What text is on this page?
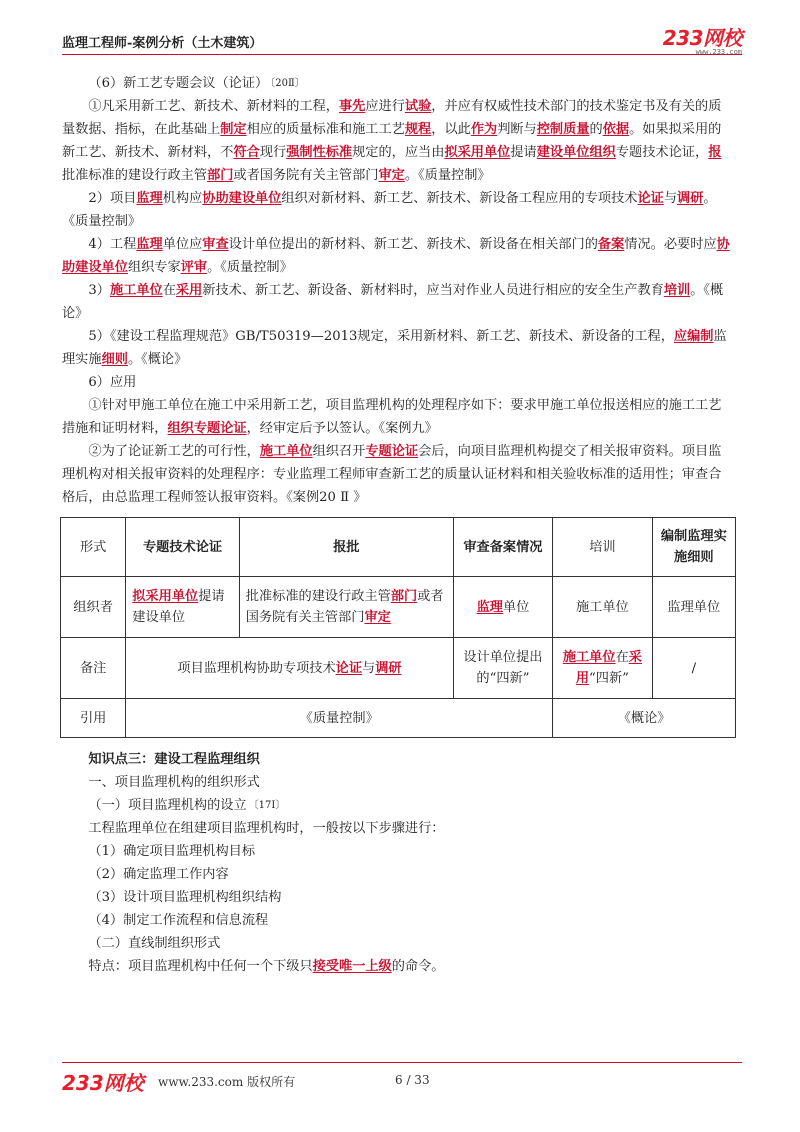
监理工程师-案例分析（土木建筑）	233网校
www.233.com

（6）新工艺专题会议（论证） $^{〔20Ⅱ〕}$

①凡采用新工艺、新技术、新材料的工程，事先应进行试验，并应有权威性技术部门的技术鉴定书及有关的质量数据、指标，在此基础上制定相应的质量标准和施工工艺规程，以此作为判断与控制质量的依据。如果拟采用的新工艺、新技术、新材料，不符合现行强制性标准规定的，应当由拟采用单位提请建设单位组织专题技术论证，报批准标准的建设行政主管部门或者国务院有关主管部门审定。《质量控制》

2）项目监理机构应协助建设单位组织对新材料、新工艺、新技术、新设备工程应用的专项技术论证与调研。《质量控制》

4）工程监理单位应审查设计单位提出的新材料、新工艺、新技术、新设备在相关部门的备案情况。必要时应协助建设单位组织专家评审。《质量控制》

3）施工单位在采用新技术、新工艺、新设备、新材料时，应当对作业人员进行相应的安全生产教育培训。《概论》

5）《建设工程监理规范》GB/T50319—2013规定，采用新材料、新工艺、新技术、新设备的工程，应编制监理实施细则。《概论》

6）应用

①针对甲施工单位在施工中采用新工艺，项目监理机构的处理程序如下：要求甲施工单位报送相应的施工工艺措施和证明材料，组织专题论证，经审定后予以签认。《案例九》

②为了论证新工艺的可行性，施工单位组织召开专题论证会后，向项目监理机构提交了相关报审资料。项目监理机构对相关报审资料的处理程序：专业监理工程师审查新工艺的质量认证材料和相关验收标准的适用性；审查合格后，由总监理工程师签认报审资料。《案例20 Ⅱ 》

形式	专题技术论证	报批	审查备案情况	培训	编制监理实施细则
组织者	拟采用单位提请建设单位	批准标准的建设行政主管部门或者国务院有关主管部门审定	监理单位	施工单位	监理单位
备注	项目监理机构协助专项技术论证与调研		设计单位提出的“四新”	施工单位在采用“四新”	/
引用	《质量控制》			《概论》	

知识点三：建设工程监理组织

一、项目监理机构的组织形式

（一）项目监理机构的设立 $^{〔17Ⅰ〕}$

工程监理单位在组建项目监理机构时，一般按以下步骤进行：

（1）确定项目监理机构目标

（2）确定监理工作内容

（3）设计项目监理机构组织结构

（4）制定工作流程和信息流程

（二）直线制组织形式

特点：项目监理机构中任何一个下级只接受唯一上级的命令。

233网校 www.233.com 版权所有	6 / 33
